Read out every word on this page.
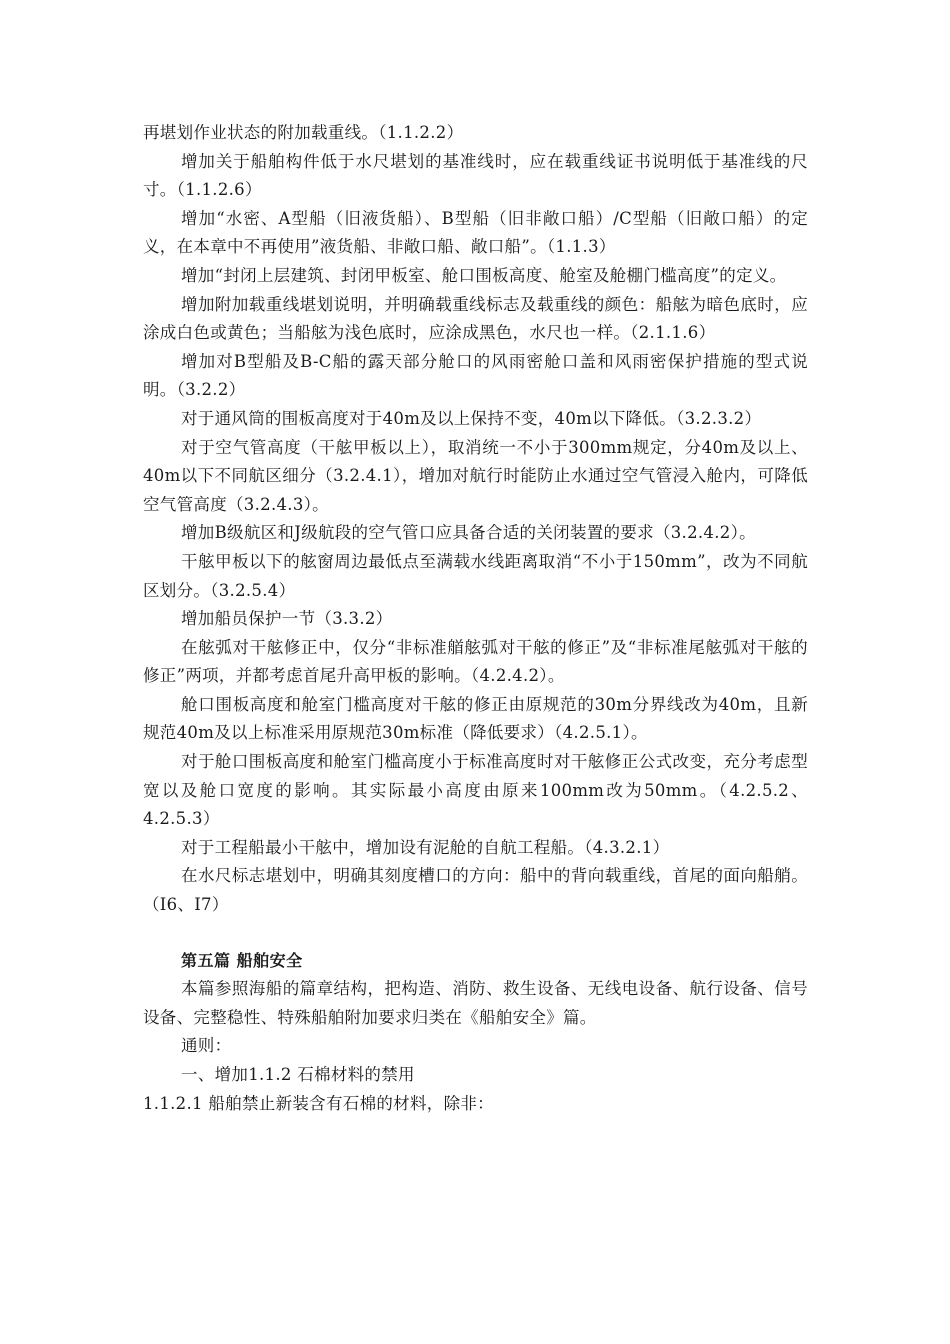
再堪划作业状态的附加载重线。（1.1.2.2）

增加关于船舶构件低于水尺堪划的基准线时，应在载重线证书说明低于基准线的尺寸。（1.1.2.6）

增加“水密、A型船（旧液货船）、B型船（旧非敞口船）/C型船（旧敞口船）的定义，在本章中不再使用”液货船、非敞口船、敞口船”。（1.1.3）

增加“封闭上层建筑、封闭甲板室、舱口围板高度、舱室及舱棚门槛高度”的定义。

增加附加载重线堪划说明，并明确载重线标志及载重线的颜色：船舷为暗色底时，应涂成白色或黄色；当船舷为浅色底时，应涂成黑色，水尺也一样。（2.1.1.6）

增加对B型船及B-C船的露天部分舱口的风雨密舱口盖和风雨密保护措施的型式说明。（3.2.2）

对于通风筒的围板高度对于40m及以上保持不变，40m以下降低。（3.2.3.2）

对于空气管高度（干舷甲板以上），取消统一不小于300mm规定，分40m及以上、40m以下不同航区细分（3.2.4.1），增加对航行时能防止水通过空气管浸入舱内，可降低空气管高度（3.2.4.3）。

增加B级航区和J级航段的空气管口应具备合适的关闭装置的要求（3.2.4.2）。

干舷甲板以下的舷窗周边最低点至满载水线距离取消“不小于150mm”，改为不同航区划分。（3.2.5.4）

增加船员保护一节（3.3.2）

在舷弧对干舷修正中，仅分“非标准艏舷弧对干舷的修正”及“非标准尾舷弧对干舷的修正”两项，并都考虑首尾升高甲板的影响。（4.2.4.2）。

舱口围板高度和舱室门槛高度对干舷的修正由原规范的30m分界线改为40m，且新规范40m及以上标准采用原规范30m标准（降低要求）（4.2.5.1）。

对于舱口围板高度和舱室门槛高度小于标准高度时对干舷修正公式改变，充分考虑型宽以及舱口宽度的影响。其实际最小高度由原来100mm改为50mm。（4.2.5.2、4.2.5.3）

对于工程船最小干舷中，增加设有泥舱的自航工程船。（4.3.2.1）

在水尺标志堪划中，明确其刻度槽口的方向：船中的背向载重线，首尾的面向船艄。（Ⅰ6、Ⅰ7）

第五篇 船舶安全

本篇参照海船的篇章结构，把构造、消防、救生设备、无线电设备、航行设备、信号设备、完整稳性、特殊船舶附加要求归类在《船舶安全》篇。

通则：

一、增加1.1.2 石棉材料的禁用

1.1.2.1 船舶禁止新装含有石棉的材料，除非：
